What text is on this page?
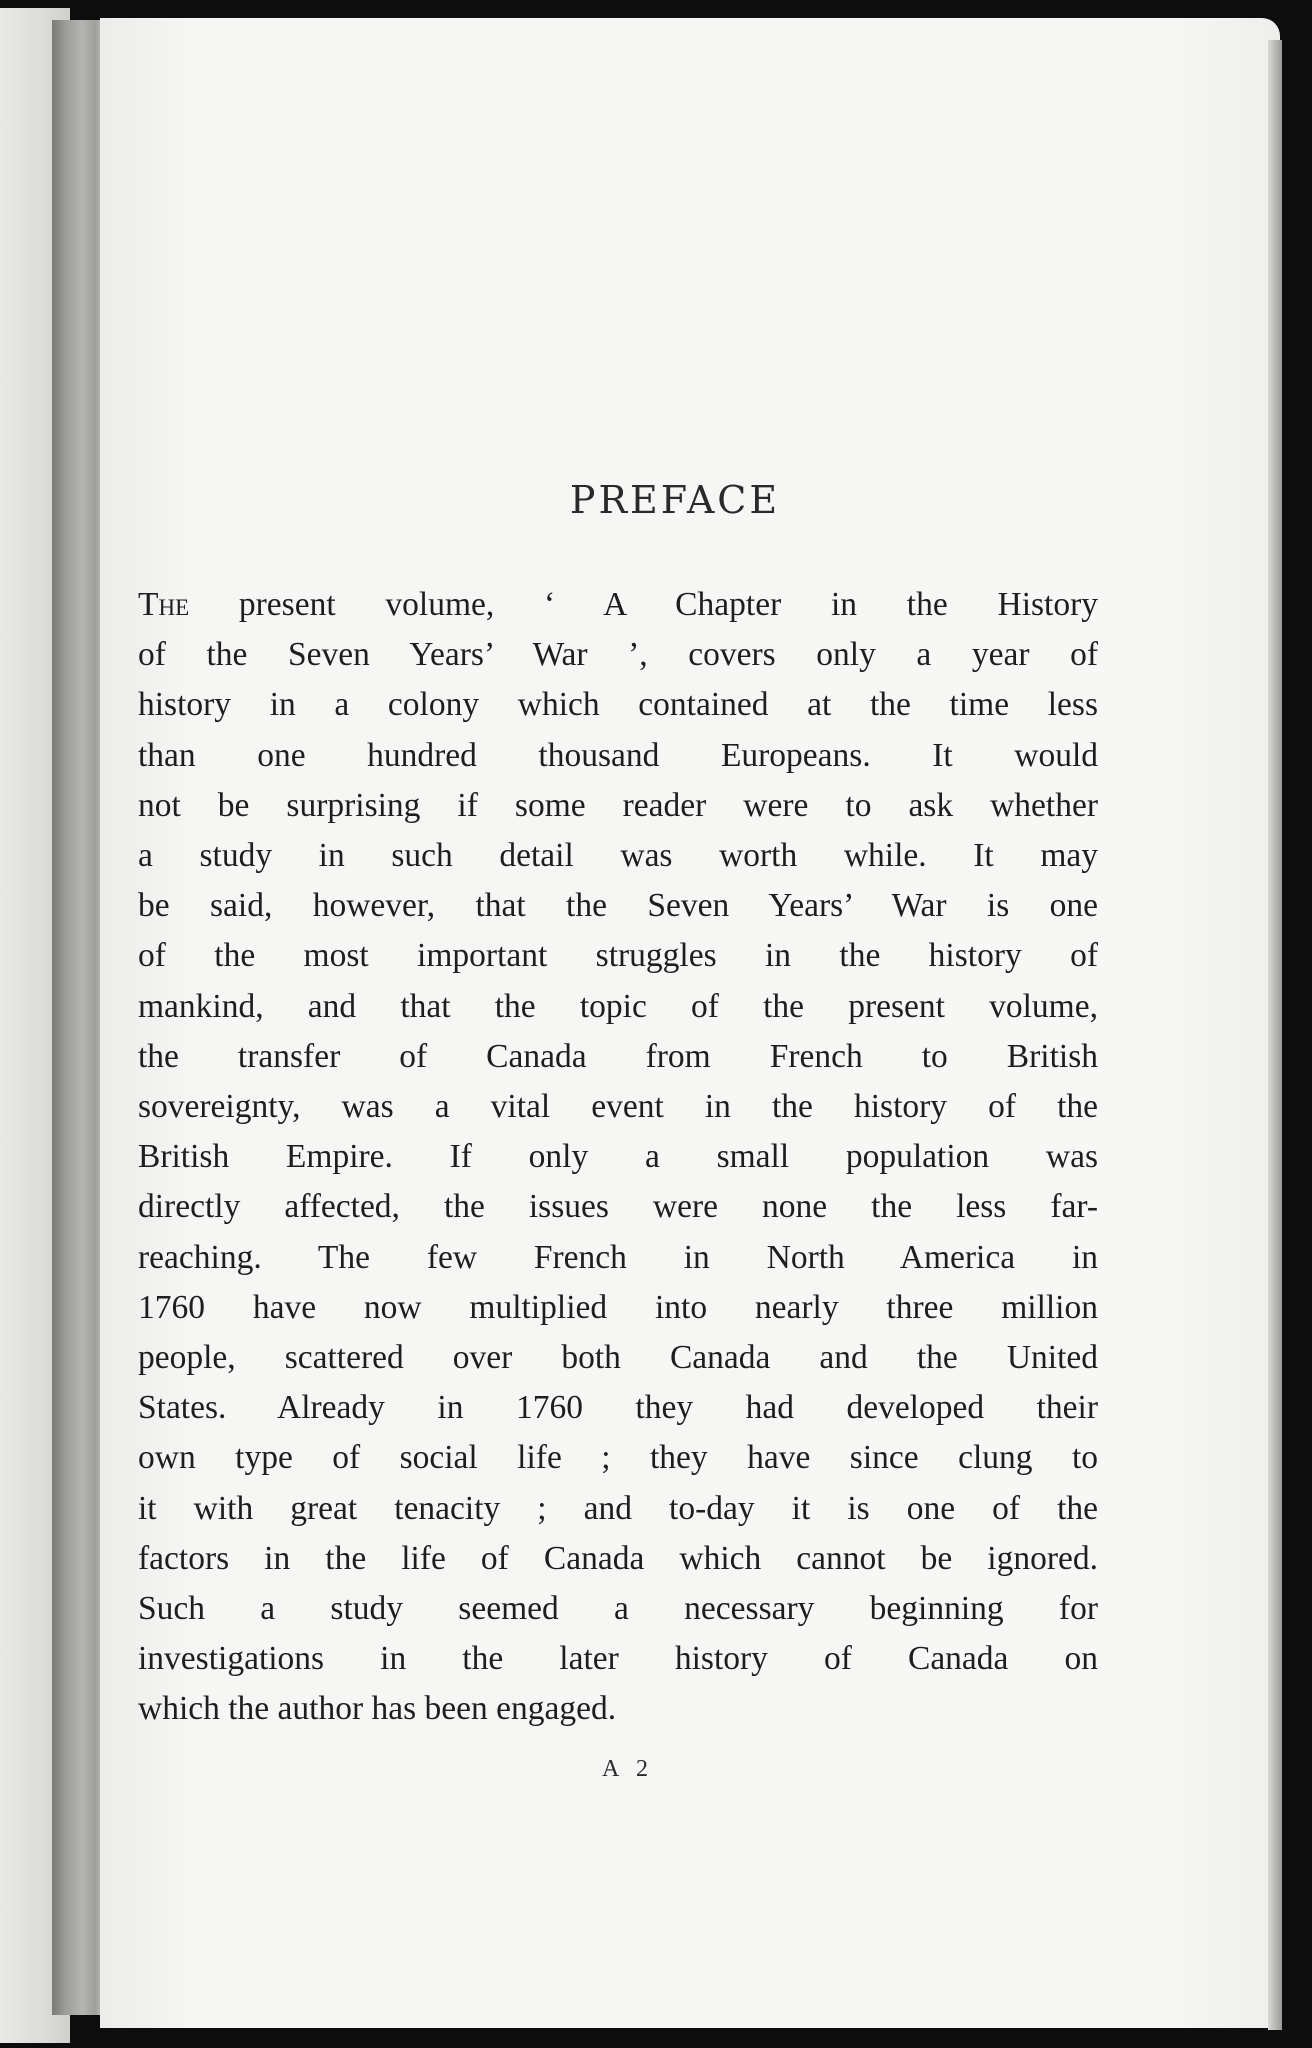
PREFACE
The present volume, ‘ A Chapter in the History
of the Seven Years’ War ’, covers only a year of
history in a colony which contained at the time less
than one hundred thousand Europeans. It would
not be surprising if some reader were to ask whether
a study in such detail was worth while. It may
be said, however, that the Seven Years’ War is one
of the most important struggles in the history of
mankind, and that the topic of the present volume,
the transfer of Canada from French to British
sovereignty, was a vital event in the history of the
British Empire. If only a small population was
directly affected, the issues were none the less far-
reaching. The few French in North America in
1760 have now multiplied into nearly three million
people, scattered over both Canada and the United
States. Already in 1760 they had developed their
own type of social life ; they have since clung to
it with great tenacity ; and to-day it is one of the
factors in the life of Canada which cannot be ignored.
Such a study seemed a necessary beginning for
investigations in the later history of Canada on
which the author has been engaged.

A 2
